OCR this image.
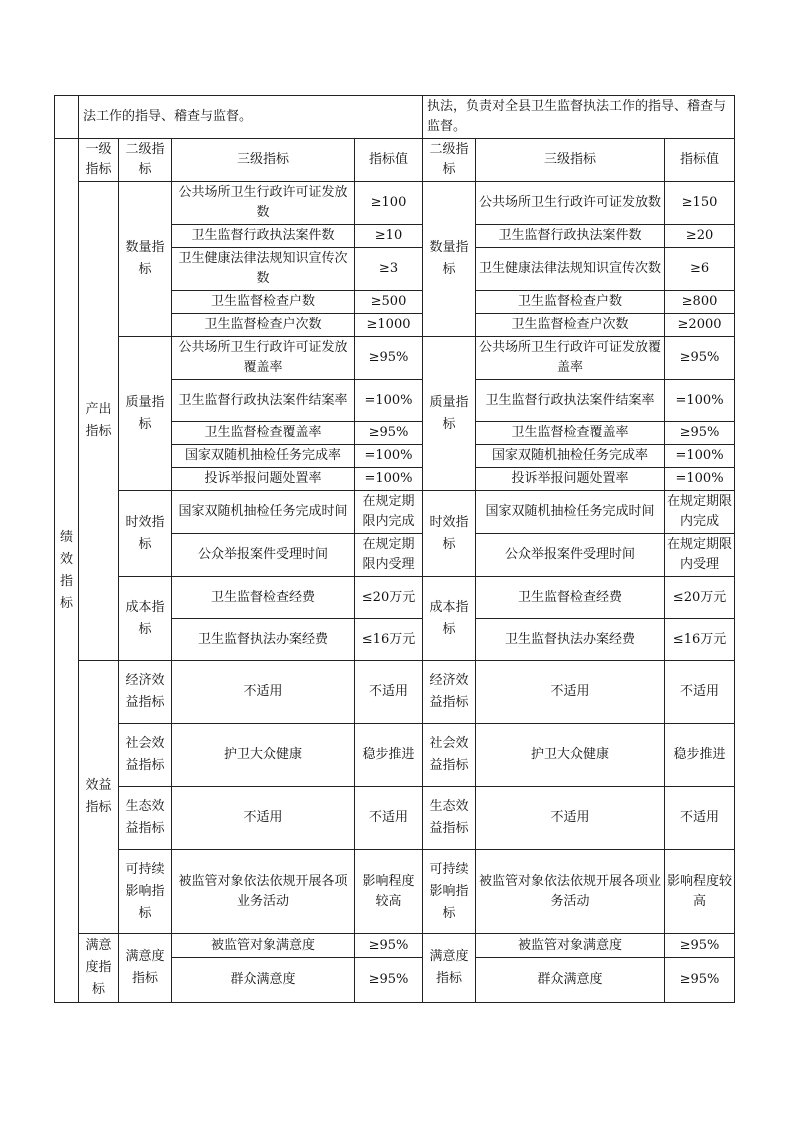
	法工作的指导、稽查与监督。				执法，负责对全县卫生监督执法工作的指导、稽查与监督。		
绩效指标	一级指标	二级指标	三级指标	指标值	二级指标	三级指标	指标值
	产出指标	数量指标	公共场所卫生行政许可证发放数	≥100	数量指标	公共场所卫生行政许可证发放数	≥150
			卫生监督行政执法案件数	≥10		卫生监督行政执法案件数	≥20
			卫生健康法律法规知识宣传次数	≥3		卫生健康法律法规知识宣传次数	≥6
			卫生监督检查户数	≥500		卫生监督检查户数	≥800
			卫生监督检查户次数	≥1000		卫生监督检查户次数	≥2000
		质量指标	公共场所卫生行政许可证发放覆盖率	≥95%	质量指标	公共场所卫生行政许可证发放覆盖率	≥95%
			卫生监督行政执法案件结案率	=100%		卫生监督行政执法案件结案率	=100%
			卫生监督检查覆盖率	≥95%		卫生监督检查覆盖率	≥95%
			国家双随机抽检任务完成率	=100%		国家双随机抽检任务完成率	=100%
			投诉举报问题处置率	=100%		投诉举报问题处置率	=100%
		时效指标	国家双随机抽检任务完成时间	在规定期限内完成	时效指标	国家双随机抽检任务完成时间	在规定期限内完成
			公众举报案件受理时间	在规定期限内受理		公众举报案件受理时间	在规定期限内受理
		成本指标	卫生监督检查经费	≤20万元	成本指标	卫生监督检查经费	≤20万元
			卫生监督执法办案经费	≤16万元		卫生监督执法办案经费	≤16万元
	效益指标	经济效益指标	不适用	不适用	经济效益指标	不适用	不适用
		社会效益指标	护卫大众健康	稳步推进	社会效益指标	护卫大众健康	稳步推进
		生态效益指标	不适用	不适用	生态效益指标	不适用	不适用
		可持续影响指标	被监管对象依法依规开展各项业务活动	影响程度较高	可持续影响指标	被监管对象依法依规开展各项业务活动	影响程度较高
	满意度指标	满意度指标	被监管对象满意度	≥95%	满意度指标	被监管对象满意度	≥95%
			群众满意度	≥95%		群众满意度	≥95%
